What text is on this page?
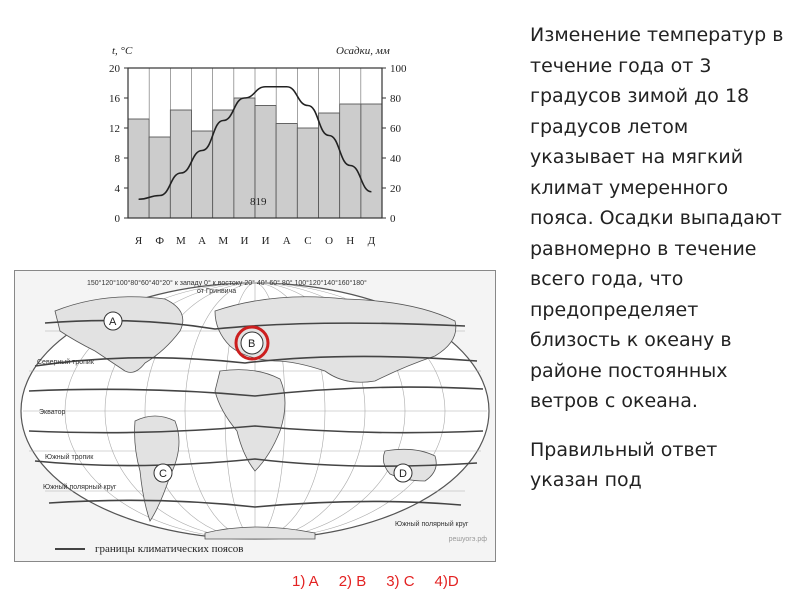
t, °C	Осадки, мм
20
16
12
8
4
0
100
80
60
40
20
0
Я Ф М А М И И А С О Н Д
819
150°120°100°80°60°40°20° к западу 0° к востоку 20° 40° 60° 80° 100°120°140°160°180°
от Гринвича
Северный тропик
Экватор
Южный тропик
Южный полярный круг
Южный полярный круг
A
B
C	D
границы климатических поясов
решуогэ.рф
1) A 2) B 3) C 4)D

Изменение температур в течение года от 3 градусов зимой до 18 градусов летом указывает на мягкий климат умеренного пояса. Осадки выпадают равномерно в течение всего года, что предопределяет близость к океану в районе постоянных ветров с океана.

Правильный ответ указан под
